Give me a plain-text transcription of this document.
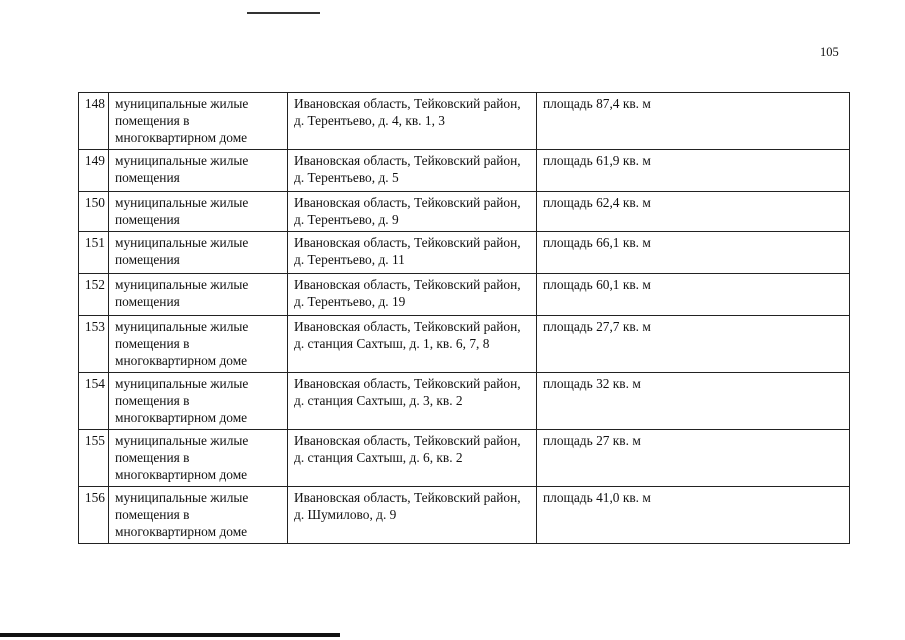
105
148	муниципальные жилые помещения в многоквартирном доме	Ивановская область, Тейковский район, д. Терентьево, д. 4, кв. 1, 3	площадь 87,4 кв. м
149	муниципальные жилые помещения	Ивановская область, Тейковский район, д. Терентьево, д. 5	площадь 61,9 кв. м
150	муниципальные жилые помещения	Ивановская область, Тейковский район, д. Терентьево, д. 9	площадь 62,4 кв. м
151	муниципальные жилые помещения	Ивановская область, Тейковский район, д. Терентьево, д. 11	площадь 66,1 кв. м
152	муниципальные жилые помещения	Ивановская область, Тейковский район, д. Терентьево, д. 19	площадь 60,1 кв. м
153	муниципальные жилые помещения в многоквартирном доме	Ивановская область, Тейковский район, д. станция Сахтыш, д. 1, кв. 6, 7, 8	площадь 27,7 кв. м
154	муниципальные жилые помещения в многоквартирном доме	Ивановская область, Тейковский район, д. станция Сахтыш, д. 3, кв. 2	площадь 32 кв. м
155	муниципальные жилые помещения в многоквартирном доме	Ивановская область, Тейковский район, д. станция Сахтыш, д. 6, кв. 2	площадь 27 кв. м
156	муниципальные жилые помещения в многоквартирном доме	Ивановская область, Тейковский район, д. Шумилово, д. 9	площадь 41,0 кв. м
